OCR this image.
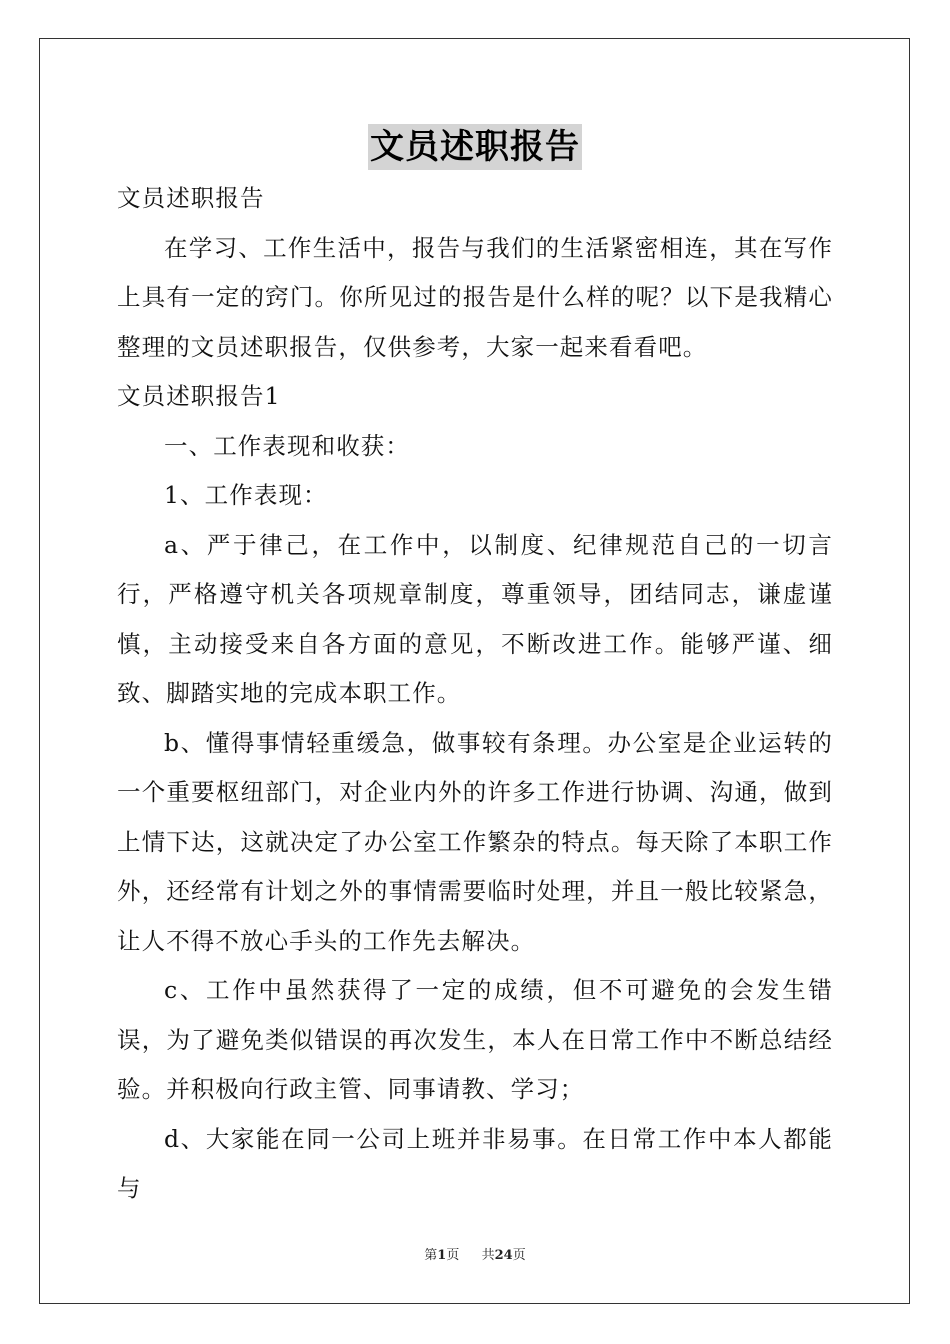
文员述职报告

文员述职报告

在学习、工作生活中，报告与我们的生活紧密相连，其在写作上具有一定的窍门。你所见过的报告是什么样的呢？以下是我精心整理的文员述职报告，仅供参考，大家一起来看看吧。

文员述职报告1

一、工作表现和收获：

1、工作表现：

a、严于律己，在工作中，以制度、纪律规范自己的一切言行，严格遵守机关各项规章制度，尊重领导，团结同志，谦虚谨慎，主动接受来自各方面的意见，不断改进工作。能够严谨、细致、脚踏实地的完成本职工作。

b、懂得事情轻重缓急，做事较有条理。办公室是企业运转的一个重要枢纽部门，对企业内外的许多工作进行协调、沟通，做到上情下达，这就决定了办公室工作繁杂的特点。每天除了本职工作外，还经常有计划之外的事情需要临时处理，并且一般比较紧急，让人不得不放心手头的工作先去解决。

c、工作中虽然获得了一定的成绩，但不可避免的会发生错误，为了避免类似错误的再次发生，本人在日常工作中不断总结经验。并积极向行政主管、同事请教、学习；

d、大家能在同一公司上班并非易事。在日常工作中本人都能与

第1页 共24页
